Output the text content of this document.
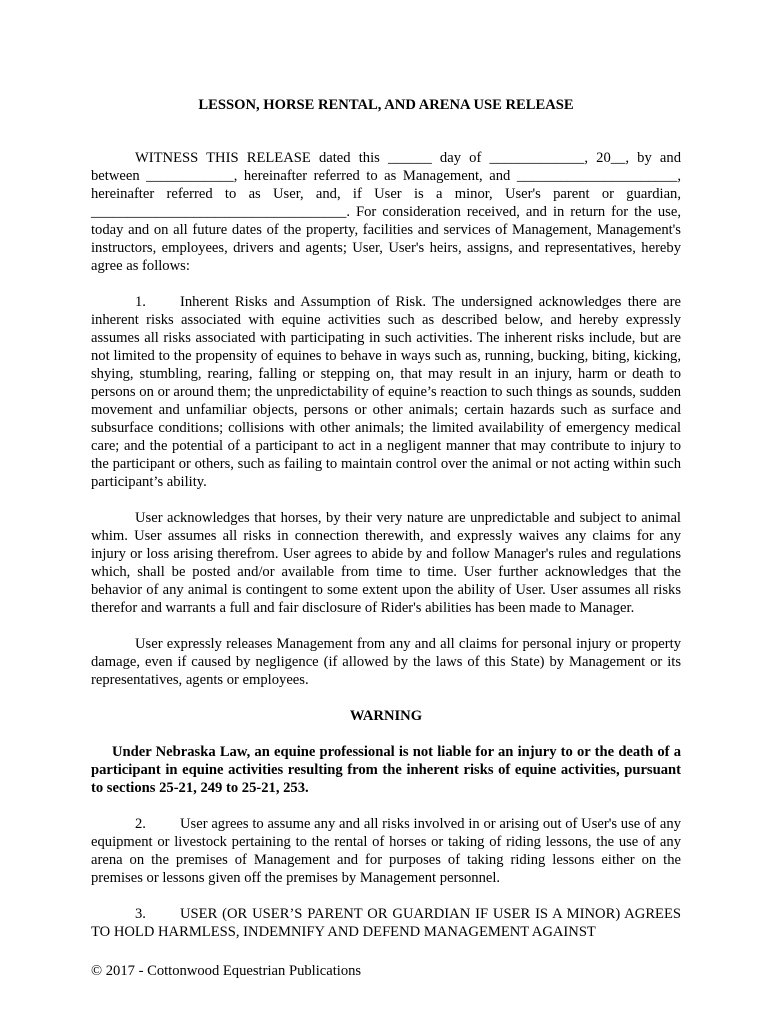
LESSON, HORSE RENTAL, AND ARENA USE RELEASE

WITNESS THIS RELEASE dated this ______ day of _____________, 20__, by and between ____________, hereinafter referred to as Management, and ______________________, hereinafter referred to as User, and, if User is a minor, User's parent or guardian, ___________________________________. For consideration received, and in return for the use, today and on all future dates of the property, facilities and services of Management, Management's instructors, employees, drivers and agents; User, User's heirs, assigns, and representatives, hereby agree as follows:

1. Inherent Risks and Assumption of Risk. The undersigned acknowledges there are inherent risks associated with equine activities such as described below, and hereby expressly assumes all risks associated with participating in such activities. The inherent risks include, but are not limited to the propensity of equines to behave in ways such as, running, bucking, biting, kicking, shying, stumbling, rearing, falling or stepping on, that may result in an injury, harm or death to persons on or around them; the unpredictability of equine’s reaction to such things as sounds, sudden movement and unfamiliar objects, persons or other animals; certain hazards such as surface and subsurface conditions; collisions with other animals; the limited availability of emergency medical care; and the potential of a participant to act in a negligent manner that may contribute to injury to the participant or others, such as failing to maintain control over the animal or not acting within such participant’s ability.

User acknowledges that horses, by their very nature are unpredictable and subject to animal whim. User assumes all risks in connection therewith, and expressly waives any claims for any injury or loss arising therefrom. User agrees to abide by and follow Manager's rules and regulations which, shall be posted and/or available from time to time. User further acknowledges that the behavior of any animal is contingent to some extent upon the ability of User. User assumes all risks therefor and warrants a full and fair disclosure of Rider's abilities has been made to Manager.

User expressly releases Management from any and all claims for personal injury or property damage, even if caused by negligence (if allowed by the laws of this State) by Management or its representatives, agents or employees.

WARNING

Under Nebraska Law, an equine professional is not liable for an injury to or the death of a participant in equine activities resulting from the inherent risks of equine activities, pursuant to sections 25-21, 249 to 25-21, 253.

2. User agrees to assume any and all risks involved in or arising out of User's use of any equipment or livestock pertaining to the rental of horses or taking of riding lessons, the use of any arena on the premises of Management and for purposes of taking riding lessons either on the premises or lessons given off the premises by Management personnel.

3. USER (OR USER’S PARENT OR GUARDIAN IF USER IS A MINOR) AGREES TO HOLD HARMLESS, INDEMNIFY AND DEFEND MANAGEMENT AGAINST

© 2017 - Cottonwood Equestrian Publications
